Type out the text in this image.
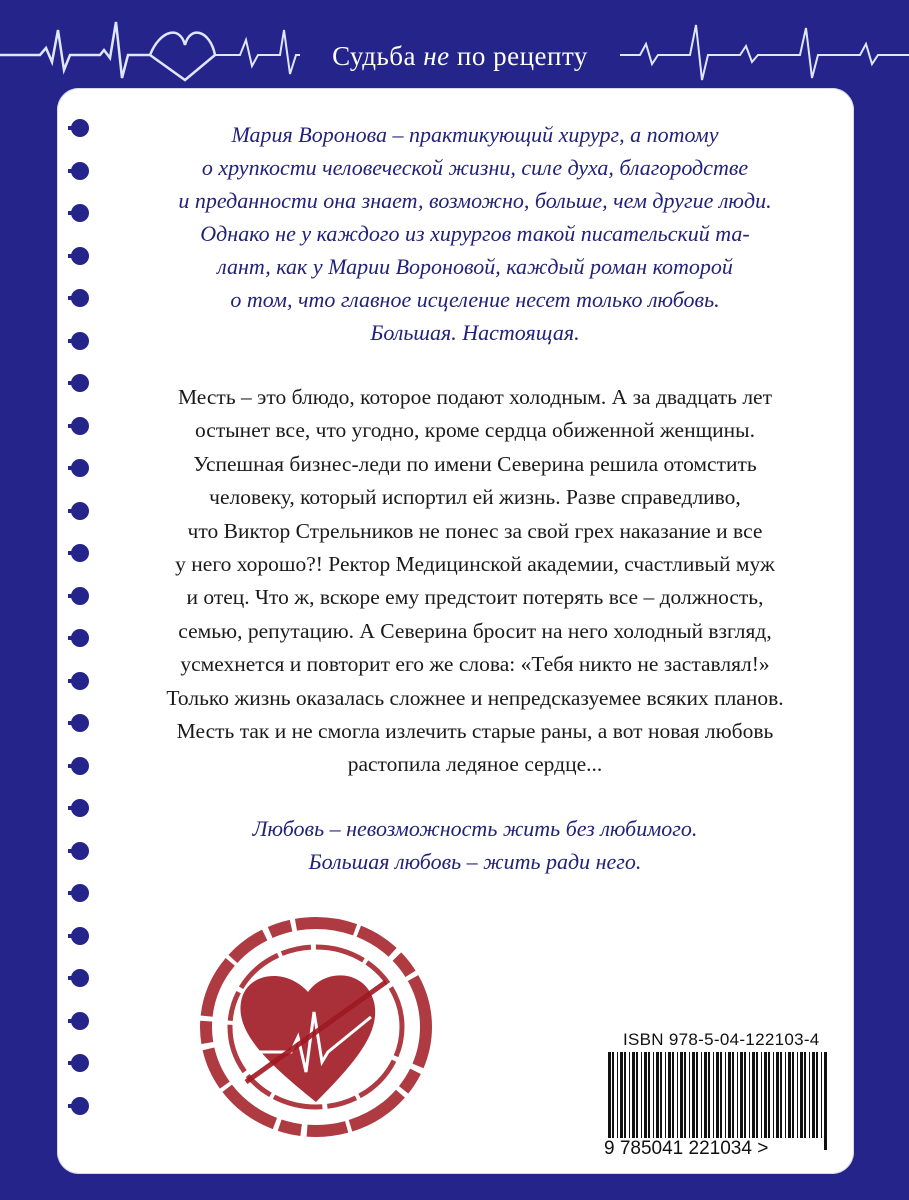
Судьба не по рецепту

Мария Воронова – практикующий хирург, а потому

о хрупкости человеческой жизни, силе духа, благородстве

и преданности она знает, возможно, больше, чем другие люди.

Однако не у каждого из хирургов такой писательский та-

лант, как у Марии Вороновой, каждый роман которой

о том, что главное исцеление несет только любовь.

Большая. Настоящая.

Месть – это блюдо, которое подают холодным. А за двадцать лет

остынет все, что угодно, кроме сердца обиженной женщины.

Успешная бизнес-леди по имени Северина решила отомстить

человеку, который испортил ей жизнь. Разве справедливо,

что Виктор Стрельников не понес за свой грех наказание и все

у него хорошо?! Ректор Медицинской академии, счастливый муж

и отец. Что ж, вскоре ему предстоит потерять все – должность,

семью, репутацию. А Северина бросит на него холодный взгляд,

усмехнется и повторит его же слова: «Тебя никто не заставлял!»

Только жизнь оказалась сложнее и непредсказуемее всяких планов.

Месть так и не смогла излечить старые раны, а вот новая любовь

растопила ледяное сердце...

Любовь – невозможность жить без любимого.

Большая любовь – жить ради него.

ISBN 978-5-04-122103-4
9 785041 221034 >
